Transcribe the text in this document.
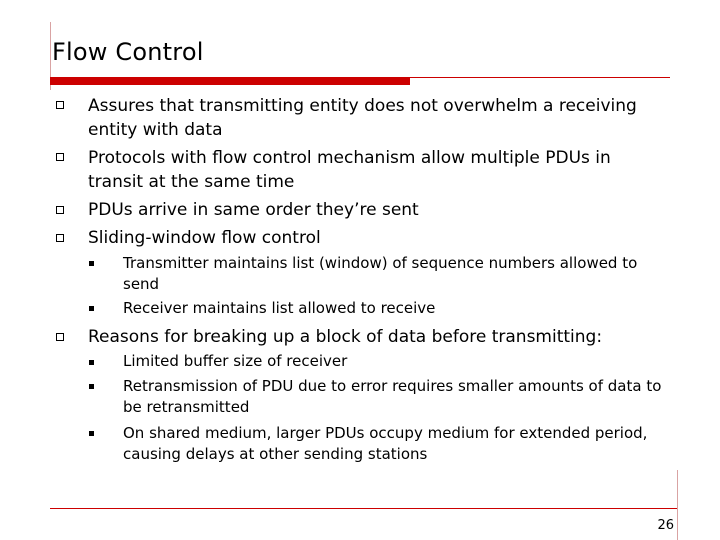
Flow Control
Assures that transmitting entity does not overwhelm a receiving entity with data
Protocols with flow control mechanism allow multiple PDUs in transit at the same time
PDUs arrive in same order they’re sent
Sliding-window flow control
Transmitter maintains list (window) of sequence numbers allowed to send
Receiver maintains list allowed to receive
Reasons for breaking up a block of data before transmitting:
Limited buffer size of receiver
Retransmission of PDU due to error requires smaller amounts of data to be retransmitted
On shared medium, larger PDUs occupy medium for extended period, causing delays at other sending stations
26
